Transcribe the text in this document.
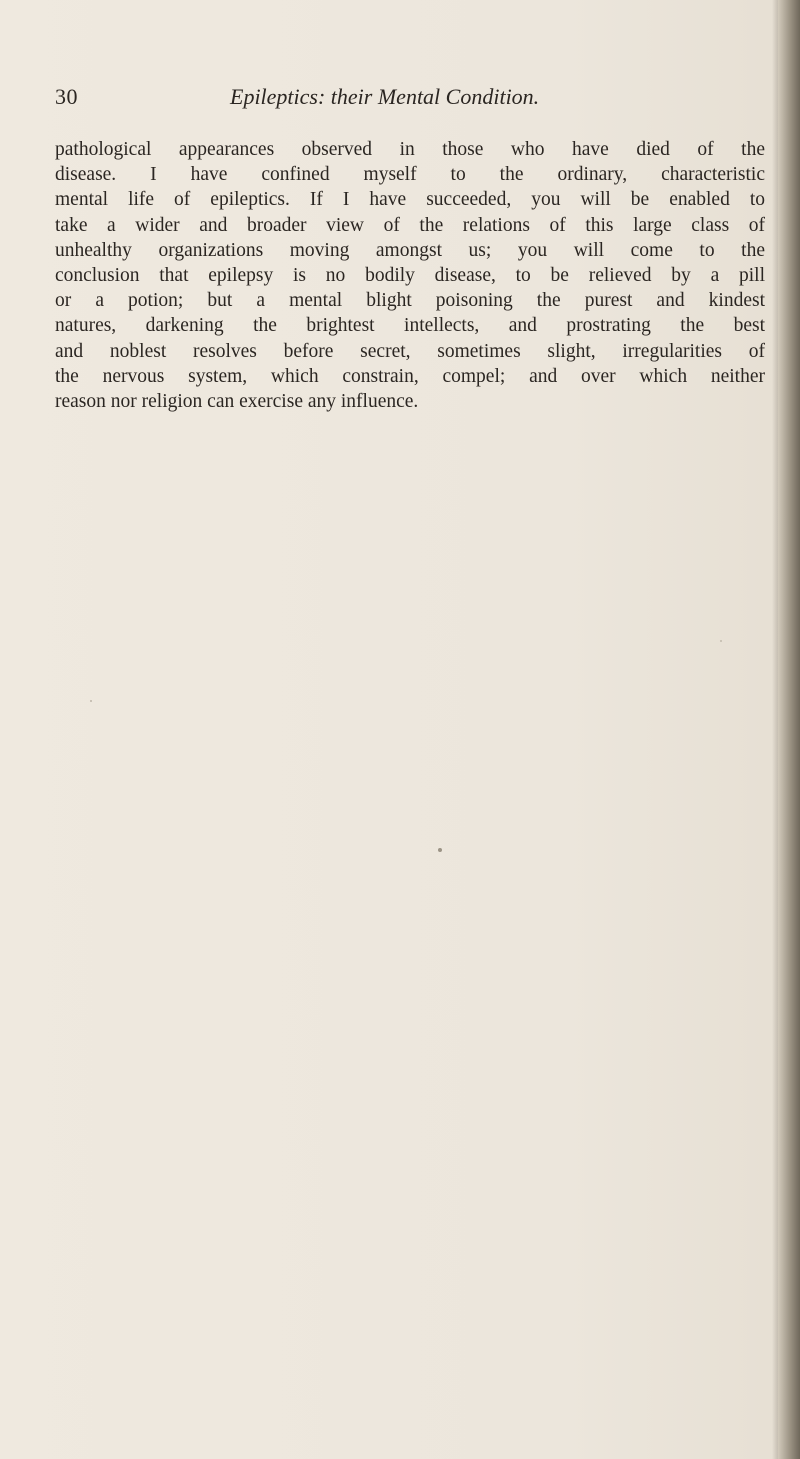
30	Epileptics: their Mental Condition.

pathological appearances observed in those who have died of the
disease. I have confined myself to the ordinary, characteristic
mental life of epileptics. If I have succeeded, you will be enabled to
take a wider and broader view of the relations of this large class of
unhealthy organizations moving amongst us; you will come to the
conclusion that epilepsy is no bodily disease, to be relieved by a pill
or a potion; but a mental blight poisoning the purest and kindest
natures, darkening the brightest intellects, and prostrating the best
and noblest resolves before secret, sometimes slight, irregularities of
the nervous system, which constrain, compel; and over which neither
reason nor religion can exercise any influence.
